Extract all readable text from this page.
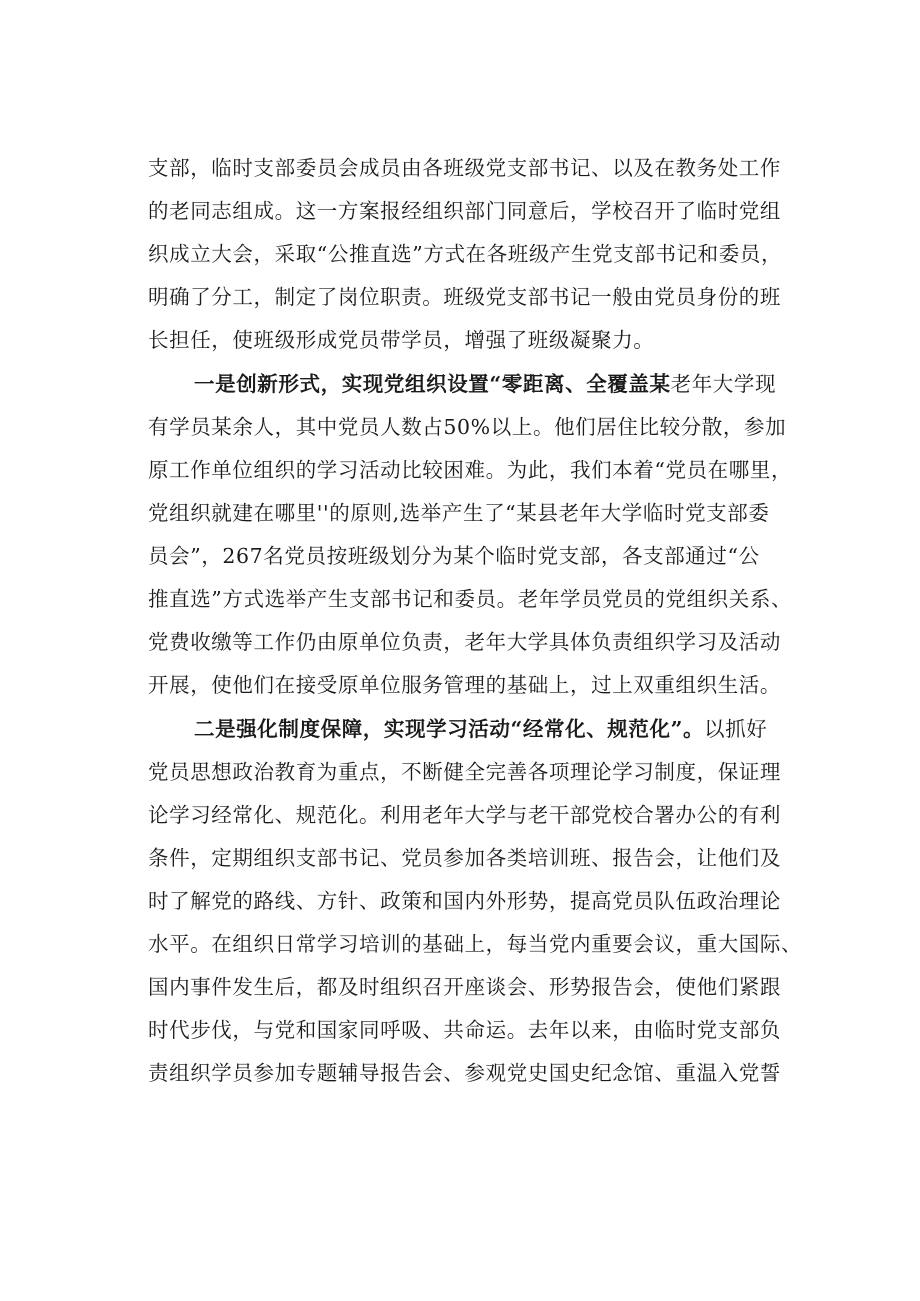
支部，临时支部委员会成员由各班级党支部书记、以及在教务处工作
的老同志组成。这一方案报经组织部门同意后，学校召开了临时党组
织成立大会，采取“公推直选”方式在各班级产生党支部书记和委员，
明确了分工，制定了岗位职责。班级党支部书记一般由党员身份的班
长担任，使班级形成党员带学员，增强了班级凝聚力。
一是创新形式，实现党组织设置“零距离、全覆盖某老年大学现
有学员某余人，其中党员人数占50%以上。他们居住比较分散，参加
原工作单位组织的学习活动比较困难。为此，我们本着“党员在哪里，
党组织就建在哪里''的原则,选举产生了“某县老年大学临时党支部委
员会”，267名党员按班级划分为某个临时党支部，各支部通过“公
推直选”方式选举产生支部书记和委员。老年学员党员的党组织关系、
党费收缴等工作仍由原单位负责，老年大学具体负责组织学习及活动
开展，使他们在接受原单位服务管理的基础上，过上双重组织生活。
二是强化制度保障，实现学习活动“经常化、规范化”。以抓好
党员思想政治教育为重点，不断健全完善各项理论学习制度，保证理
论学习经常化、规范化。利用老年大学与老干部党校合署办公的有利
条件，定期组织支部书记、党员参加各类培训班、报告会，让他们及
时了解党的路线、方针、政策和国内外形势，提高党员队伍政治理论
水平。在组织日常学习培训的基础上，每当党内重要会议，重大国际、
国内事件发生后，都及时组织召开座谈会、形势报告会，使他们紧跟
时代步伐，与党和国家同呼吸、共命运。去年以来，由临时党支部负
责组织学员参加专题辅导报告会、参观党史国史纪念馆、重温入党誓
